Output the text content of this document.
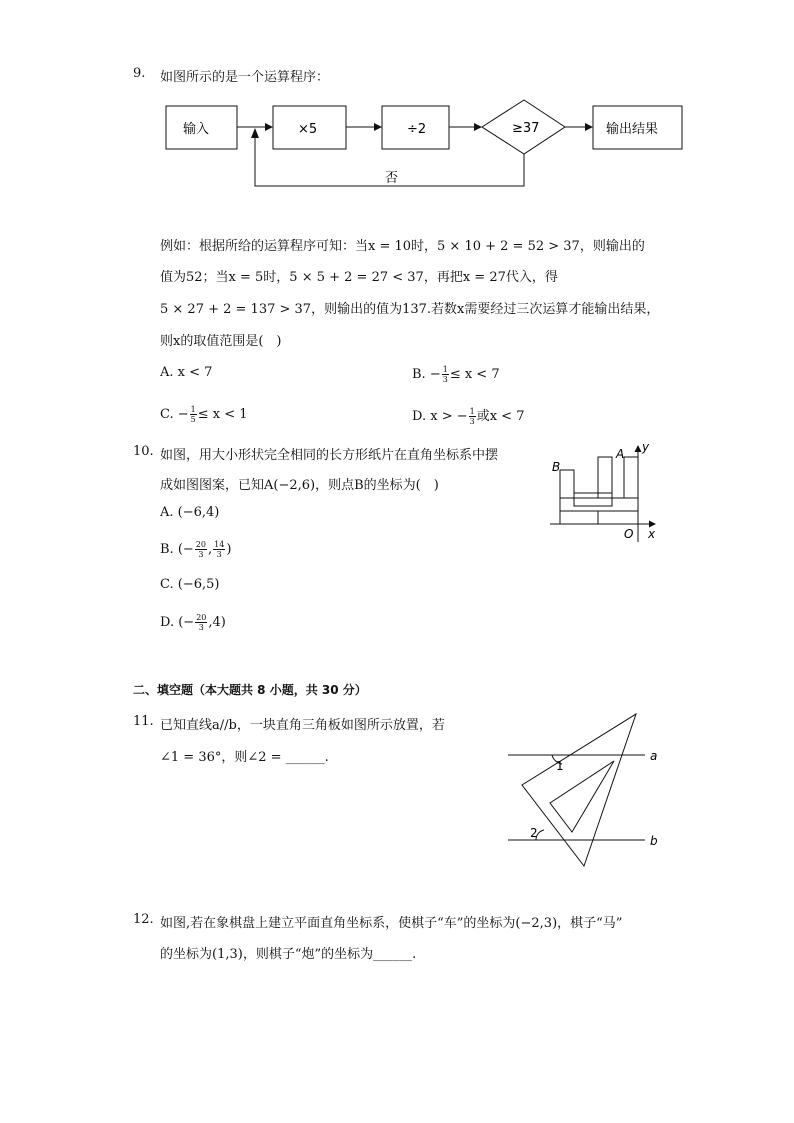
9. 如图所示的是一个运算程序：
输入	×5	÷2	≥37	输出结果
否
例如：根据所给的运算程序可知：当x = 10时，5 × 10 + 2 = 52 > 37，则输出的
值为52；当x = 5时，5 × 5 + 2 = 27 < 37，再把x = 27代入，得
5 × 27 + 2 = 137 > 37，则输出的值为137.若数x需要经过三次运算才能输出结果，
则x的取值范围是(　)
A. x < 7	B. − $\frac{1}{3} \le x < 7$
C. − $\frac{1}{5} \le x < 1$	D. x > − $\frac{1}{3}$ 或x < 7
10. 如图，用大小形状完全相同的长方形纸片在直角坐标系中摆
成如图图案，已知A(−2,6)，则点B的坐标为(　)
A. (−6,4)
B. (− $\frac{20}{3}$ , $\frac{14}{3}$ )
C. (−6,5)
D. (− $\frac{20}{3} ,4$)
B
A y
x
O
二、填空题（本大题共 8 小题，共 30 分）
11. 已知直线a//b，一块直角三角板如图所示放置，若
∠1 = 36°，则∠2 = ______.	a
b
1
2
12. 如图,若在象棋盘上建立平面直角坐标系，使棋子“车”的坐标为(−2,3)，棋子“马”
的坐标为(1,3)，则棋子“炮”的坐标为______.
